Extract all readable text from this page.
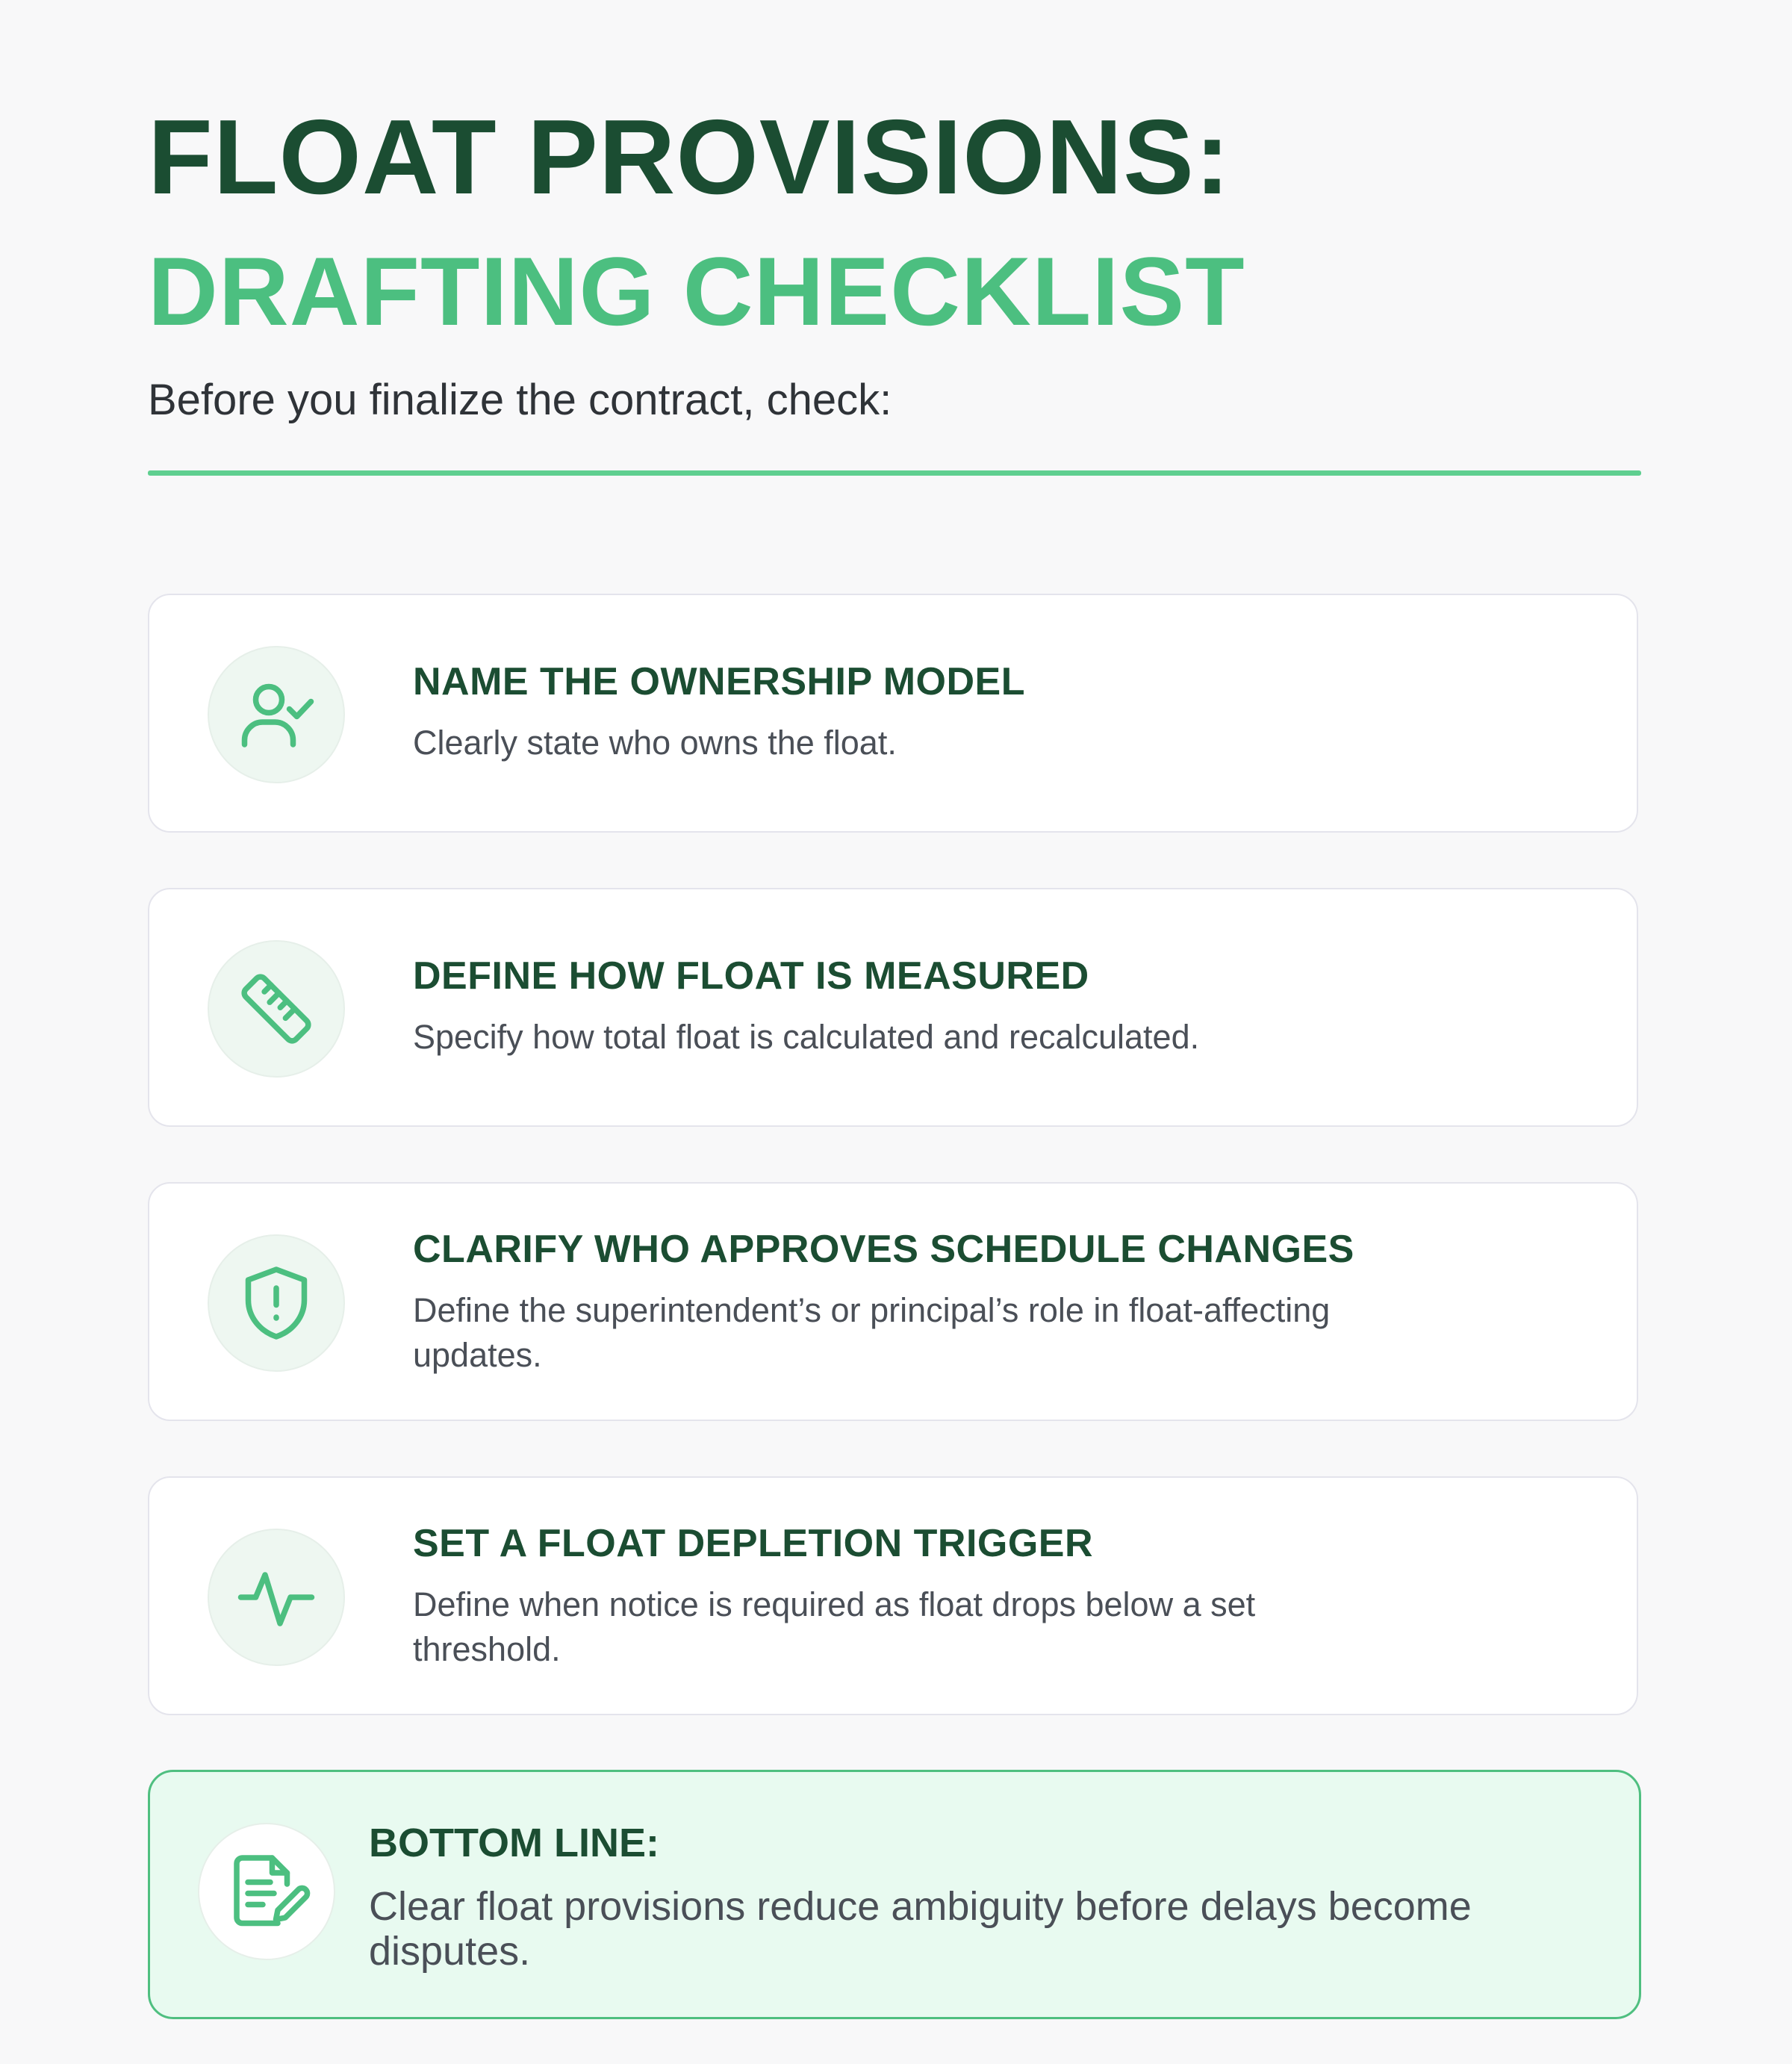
FLOAT PROVISIONS:
DRAFTING CHECKLIST
Before you finalize the contract, check:
NAME THE OWNERSHIP MODEL
Clearly state who owns the float.
DEFINE HOW FLOAT IS MEASURED
Specify how total float is calculated and recalculated.
CLARIFY WHO APPROVES SCHEDULE CHANGES
Define the superintendent’s or principal’s role in float-affecting updates.
SET A FLOAT DEPLETION TRIGGER
Define when notice is required as float drops below a set threshold.
BOTTOM LINE:
Clear float provisions reduce ambiguity before delays become disputes.
